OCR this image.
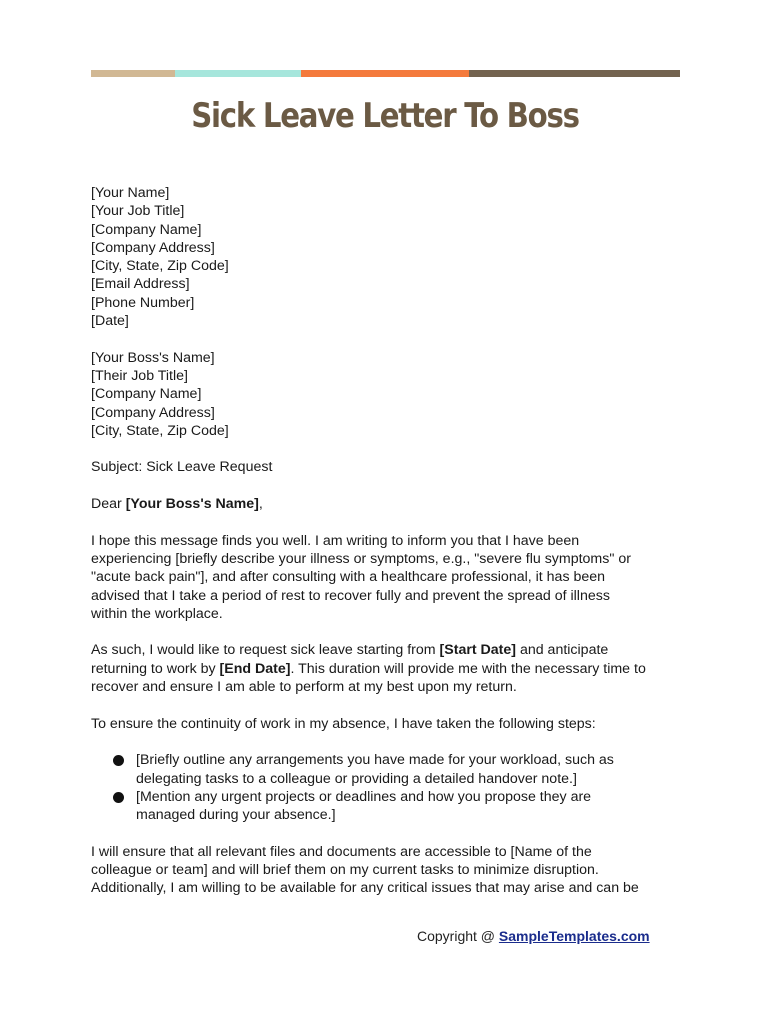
Sick Leave Letter To Boss
[Your Name]
[Your Job Title]
[Company Name]
[Company Address]
[City, State, Zip Code]
[Email Address]
[Phone Number]
[Date]
[Your Boss's Name]
[Their Job Title]
[Company Name]
[Company Address]
[City, State, Zip Code]
Subject: Sick Leave Request
Dear [Your Boss's Name],
I hope this message finds you well. I am writing to inform you that I have been
experiencing [briefly describe your illness or symptoms, e.g., "severe flu symptoms" or
"acute back pain"], and after consulting with a healthcare professional, it has been
advised that I take a period of rest to recover fully and prevent the spread of illness
within the workplace.
As such, I would like to request sick leave starting from [Start Date] and anticipate
returning to work by [End Date]. This duration will provide me with the necessary time to
recover and ensure I am able to perform at my best upon my return.
To ensure the continuity of work in my absence, I have taken the following steps:
[Briefly outline any arrangements you have made for your workload, such as
delegating tasks to a colleague or providing a detailed handover note.]
[Mention any urgent projects or deadlines and how you propose they are
managed during your absence.]
I will ensure that all relevant files and documents are accessible to [Name of the
colleague or team] and will brief them on my current tasks to minimize disruption.
Additionally, I am willing to be available for any critical issues that may arise and can be
Copyright @ SampleTemplates.com
